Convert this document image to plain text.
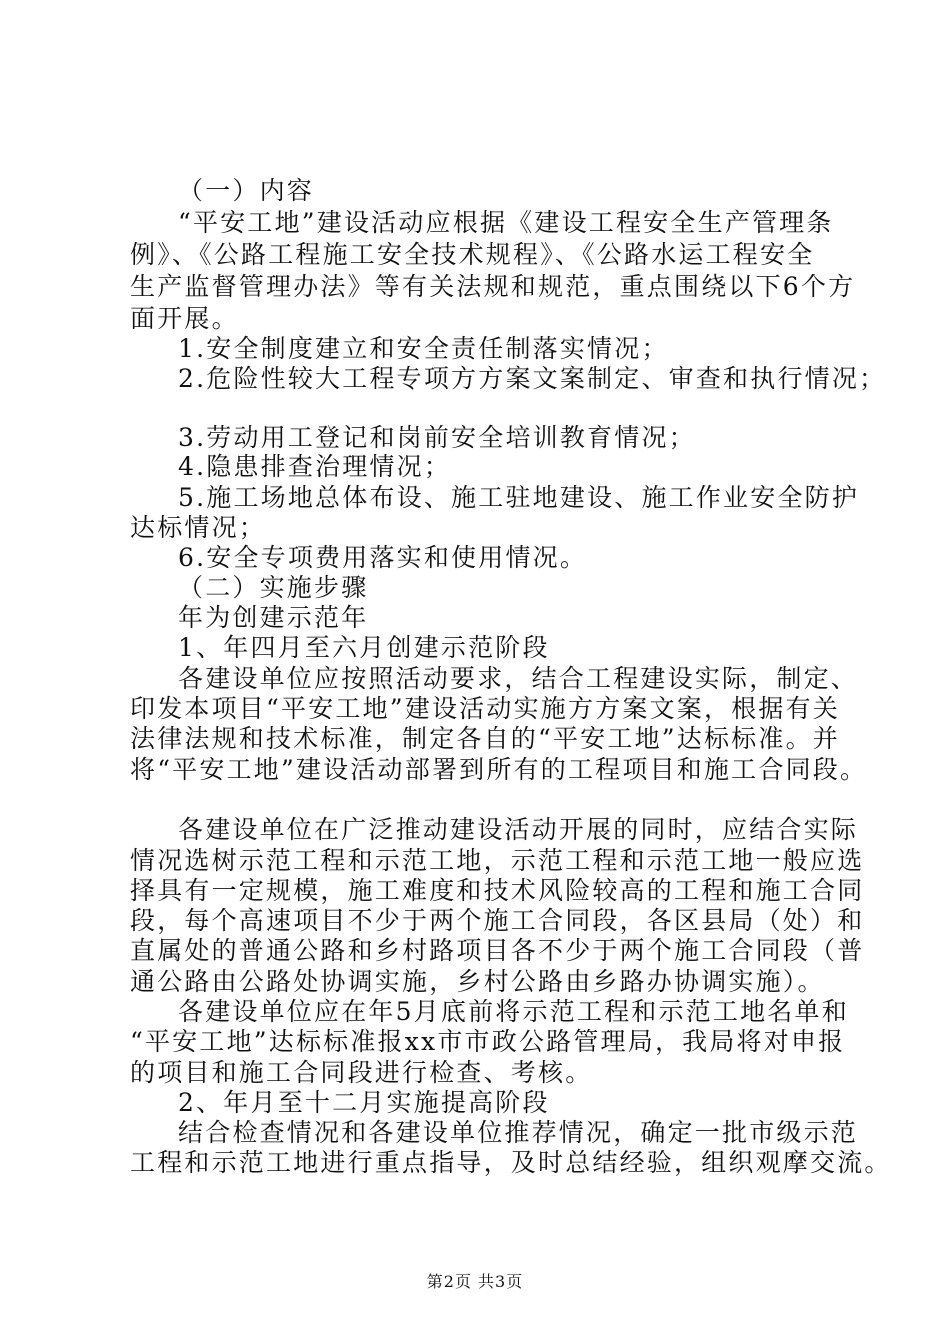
（一）内容
“平安工地”建设活动应根据《建设工程安全生产管理条
例》、《公路工程施工安全技术规程》、《公路水运工程安全
生产监督管理办法》等有关法规和规范，重点围绕以下6个方
面开展。
1.安全制度建立和安全责任制落实情况；
2.危险性较大工程专项方方案文案制定、审查和执行情况；
3.劳动用工登记和岗前安全培训教育情况；
4.隐患排查治理情况；
5.施工场地总体布设、施工驻地建设、施工作业安全防护
达标情况；
6.安全专项费用落实和使用情况。
（二）实施步骤
年为创建示范年
1、年四月至六月创建示范阶段
各建设单位应按照活动要求，结合工程建设实际，制定、
印发本项目“平安工地”建设活动实施方方案文案，根据有关
法律法规和技术标准，制定各自的“平安工地”达标标准。并
将“平安工地”建设活动部署到所有的工程项目和施工合同段。
各建设单位在广泛推动建设活动开展的同时，应结合实际
情况选树示范工程和示范工地，示范工程和示范工地一般应选
择具有一定规模，施工难度和技术风险较高的工程和施工合同
段，每个高速项目不少于两个施工合同段，各区县局（处）和
直属处的普通公路和乡村路项目各不少于两个施工合同段（普
通公路由公路处协调实施，乡村公路由乡路办协调实施）。
各建设单位应在年5月底前将示范工程和示范工地名单和
“平安工地”达标标准报xx市市政公路管理局，我局将对申报
的项目和施工合同段进行检查、考核。
2、年月至十二月实施提高阶段
结合检查情况和各建设单位推荐情况，确定一批市级示范
工程和示范工地进行重点指导，及时总结经验，组织观摩交流。
第2页 共3页
